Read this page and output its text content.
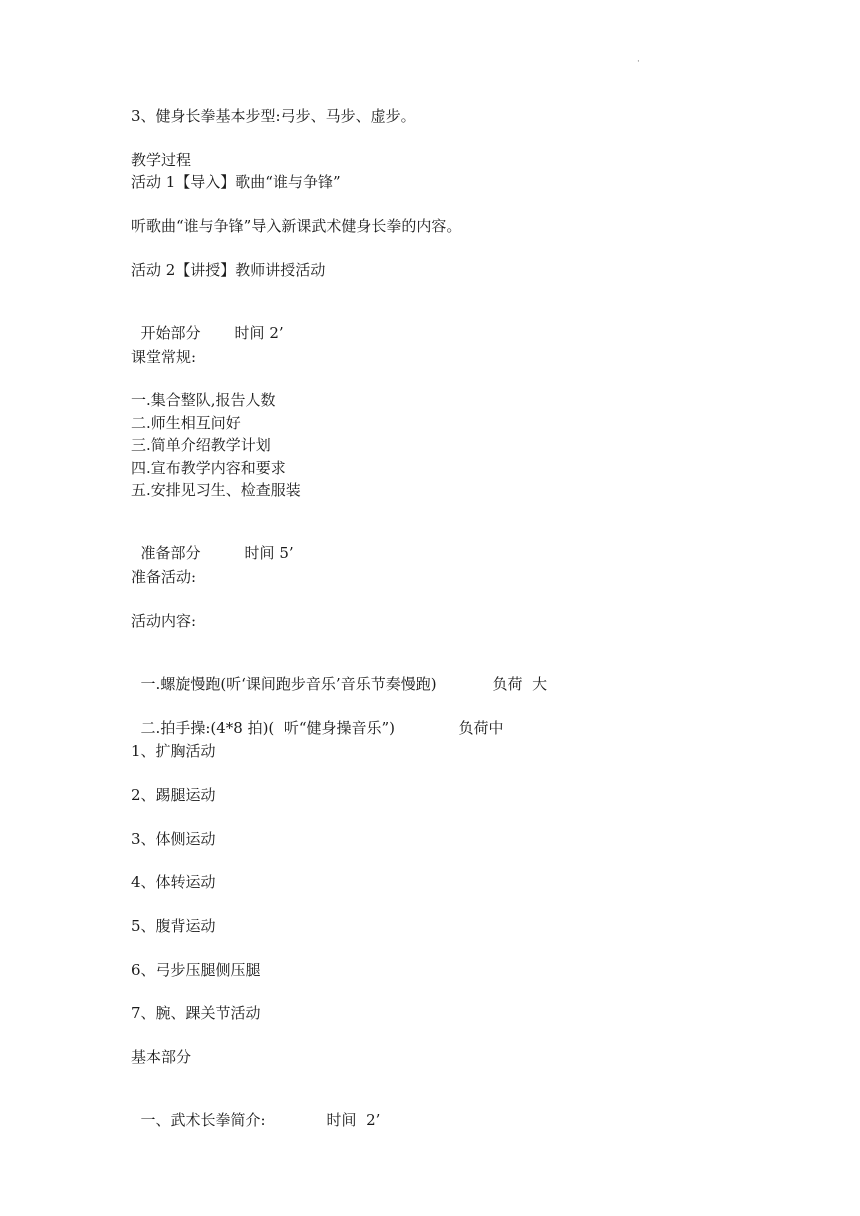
·
3、健身长拳基本步型:弓步、马步、虚步。
教学过程
活动 1【导入】歌曲“谁与争锋”
听歌曲“谁与争锋”导入新课武术健身长拳的内容。
活动 2【讲授】教师讲授活动

开始部分 时间 2’

课堂常规:
一.集合整队,报告人数
二.师生相互问好
三.简单介绍教学计划
四.宣布教学内容和要求
五.安排见习生、检查服装

准备部分	时间 5’

准备活动:
活动内容:

一.螺旋慢跑(听‘课间跑步音乐’音乐节奏慢跑)	负荷  大

二.拍手操:(4*8 拍)(  听“健身操音乐”)	负荷中

1、扩胸活动
2、踢腿运动
3、体侧运动
4、体转运动
5、腹背运动
6、弓步压腿侧压腿
7、腕、踝关节活动
基本部分

一、武术长拳简介:	时间  2’
